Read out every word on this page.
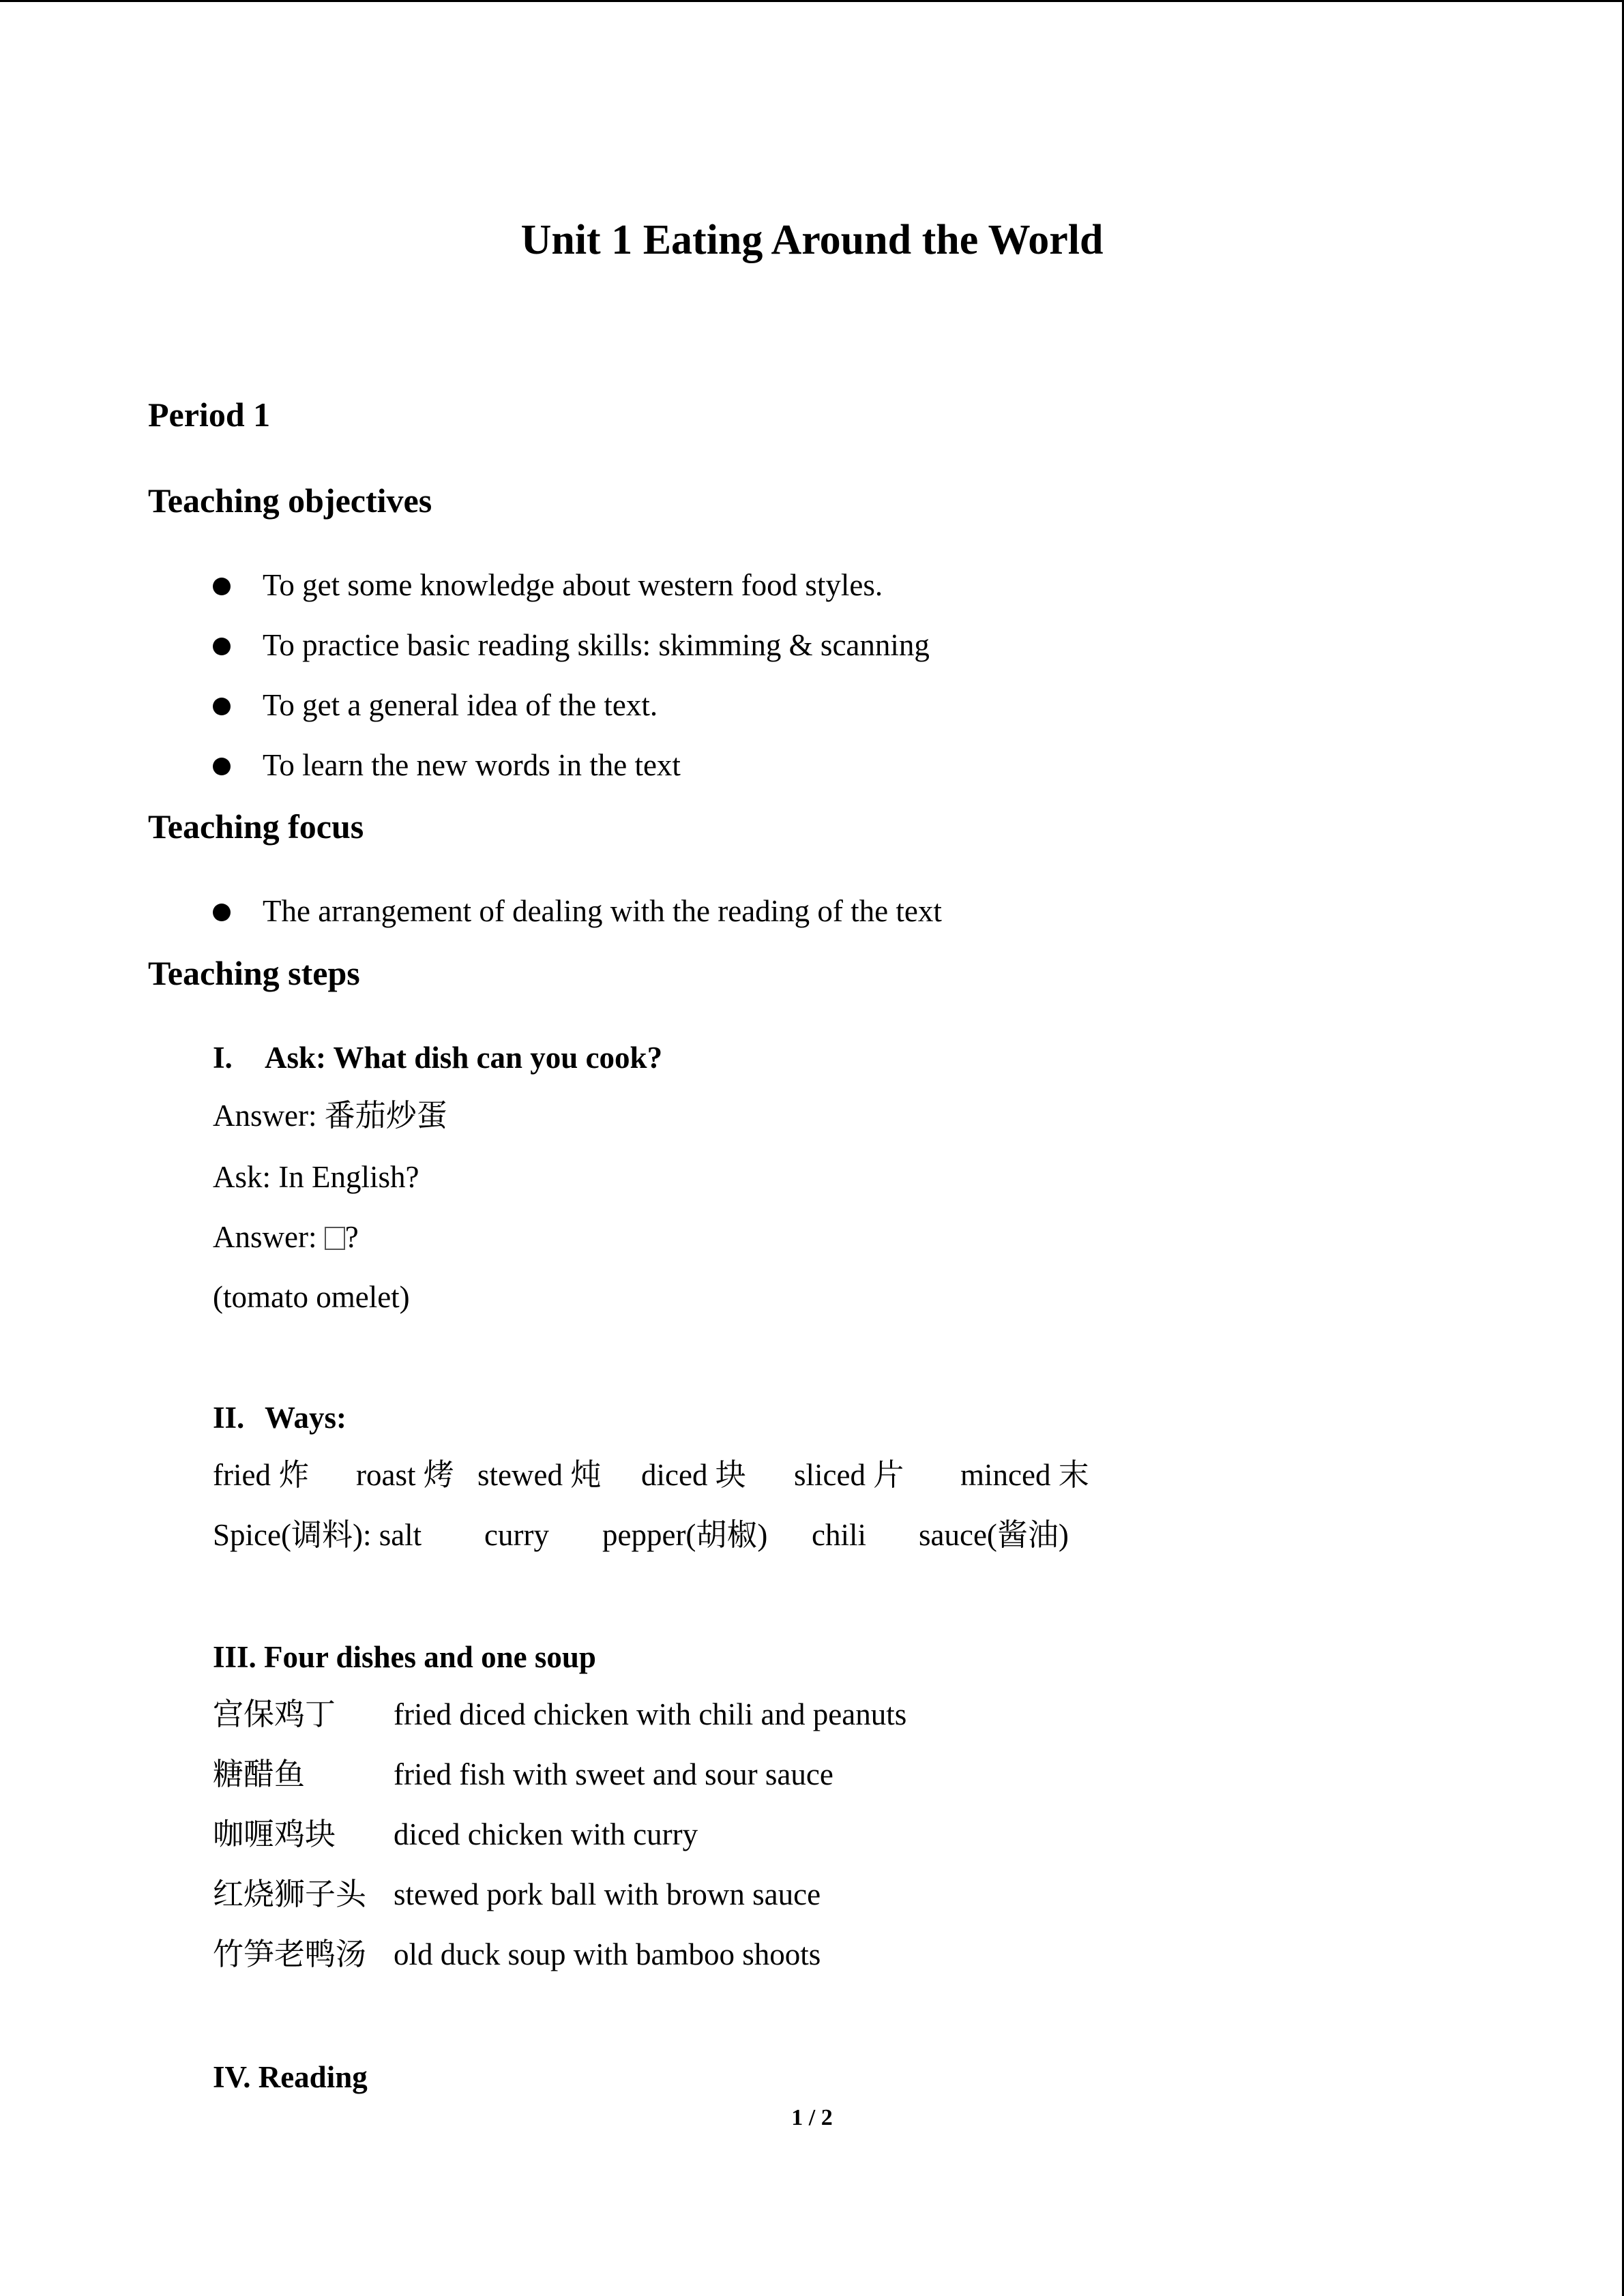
Unit 1 Eating Around the World
Period 1
Teaching objectives
To get some knowledge about western food styles.
To practice basic reading skills: skimming & scanning
To get a general idea of the text.
To learn the new words in the text
Teaching focus
The arrangement of dealing with the reading of the text
Teaching steps
I. Ask: What dish can you cook?
Answer: 番茄炒蛋
Ask: In English?
Answer: ?
(tomato omelet)
II. Ways:
fried 炸 roast 烤 stewed 炖 diced 块 sliced 片 minced 末
Spice(调料): salt curry pepper(胡椒) chili sauce(酱油)
III. Four dishes and one soup
宫保鸡丁 fried diced chicken with chili and peanuts
糖醋鱼	fried fish with sweet and sour sauce
咖喱鸡块 diced chicken with curry
红烧狮子头 stewed pork ball with brown sauce
竹笋老鸭汤 old duck soup with bamboo shoots
IV. Reading
1 / 2
